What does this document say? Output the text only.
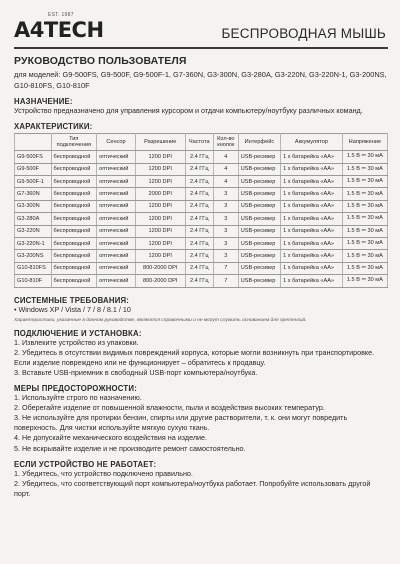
EST. 1987
A4TECH	БЕСПРОВОДНАЯ МЫШЬ
РУКОВОДСТВО ПОЛЬЗОВАТЕЛЯ

для моделей: G9-500FS, G9-500F, G9-500F-1, G7-360N, G3-300N, G3-280A, G3-220N, G3-220N-1, G3-200NS, G10-810FS, G10-810F

НАЗНАЧЕНИЕ:

Устройство предназначено для управления курсором и отдачи компьютеру/ноутбуку различных команд.

ХАРАКТЕРИСТИКИ:

	Тип подключения	Сенсор	Разрешение	Частота	Кол-во кнопок	Интерфейс	Аккумулятор	Напряжение
G9-500FS	беспроводной	оптический	1200 DPI	2.4 ГГц	4	USB-ресивер	1 х батарейка «АА»	1.5 В ⎓ 30 мА
G9-500F	беспроводной	оптический	1200 DPI	2.4 ГГц	4	USB-ресивер	1 х батарейка «АА»	1.5 В ⎓ 30 мА
G9-500F-1	беспроводной	оптический	1200 DPI	2.4 ГГц	4	USB-ресивер	1 х батарейка «АА»	1.5 В ⎓ 30 мА
G7-360N	беспроводной	оптический	2000 DPI	2.4 ГГц	3	USB-ресивер	1 х батарейка «АА»	1.5 В ⎓ 30 мА
G3-300N	беспроводной	оптический	1200 DPI	2.4 ГГц	3	USB-ресивер	1 х батарейка «АА»	1.5 В ⎓ 30 мА
G3-280A	беспроводной	оптический	1200 DPI	2.4 ГГц	3	USB-ресивер	1 х батарейка «АА»	1.5 В ⎓ 30 мА
G3-220N	беспроводной	оптический	1200 DPI	2.4 ГГц	3	USB-ресивер	1 х батарейка «АА»	1.5 В ⎓ 30 мА
G3-220N-1	беспроводной	оптический	1200 DPI	2.4 ГГц	3	USB-ресивер	1 х батарейка «АА»	1.5 В ⎓ 30 мА
G3-200NS	беспроводной	оптический	1200 DPI	2.4 ГГц	3	USB-ресивер	1 х батарейка «АА»	1.5 В ⎓ 30 мА
G10-810FS	беспроводной	оптический	800-2000 DPI	2.4 ГГц	7	USB-ресивер	1 х батарейка «АА»	1.5 В ⎓ 30 мА
G10-810F	беспроводной	оптический	800-2000 DPI	2.4 ГГц	7	USB-ресивер	1 х батарейка «АА»	1.5 В ⎓ 30 мА

СИСТЕМНЫЕ ТРЕБОВАНИЯ:

• Windows XP / Vista / 7 / 8 / 8.1 / 10

Характеристики, указанные в данном руководстве, являются справочными и не могут служить основанием для претензий.

ПОДКЛЮЧЕНИЕ И УСТАНОВКА:

1. Извлеките устройство из упаковки.
2. Убедитесь в отсутствии видимых повреждений корпуса, которые могли возникнуть при транспортировке. Если изделие повреждено или не функционирует – обратитесь к продавцу.
3. Вставьте USB-приемник в свободный USB-порт компьютера/ноутбука.

МЕРЫ ПРЕДОСТОРОЖНОСТИ:

1. Используйте строго по назначению.
2. Оберегайте изделие от повышенной влажности, пыли и воздействия высоких температур.
3. Не используйте для протирки бензин, спирты или другие растворители, т. к. они могут повредить поверхность. Для чистки используйте мягкую сухую ткань.
4. Не допускайте механического воздействия на изделие.
5. Не вскрывайте изделие и не производите ремонт самостоятельно.

ЕСЛИ УСТРОЙСТВО НЕ РАБОТАЕТ:

1. Убедитесь, что устройство подключено правильно.
2. Убедитесь, что соответствующий порт компьютера/ноутбука работает. Попробуйте использовать другой порт.
